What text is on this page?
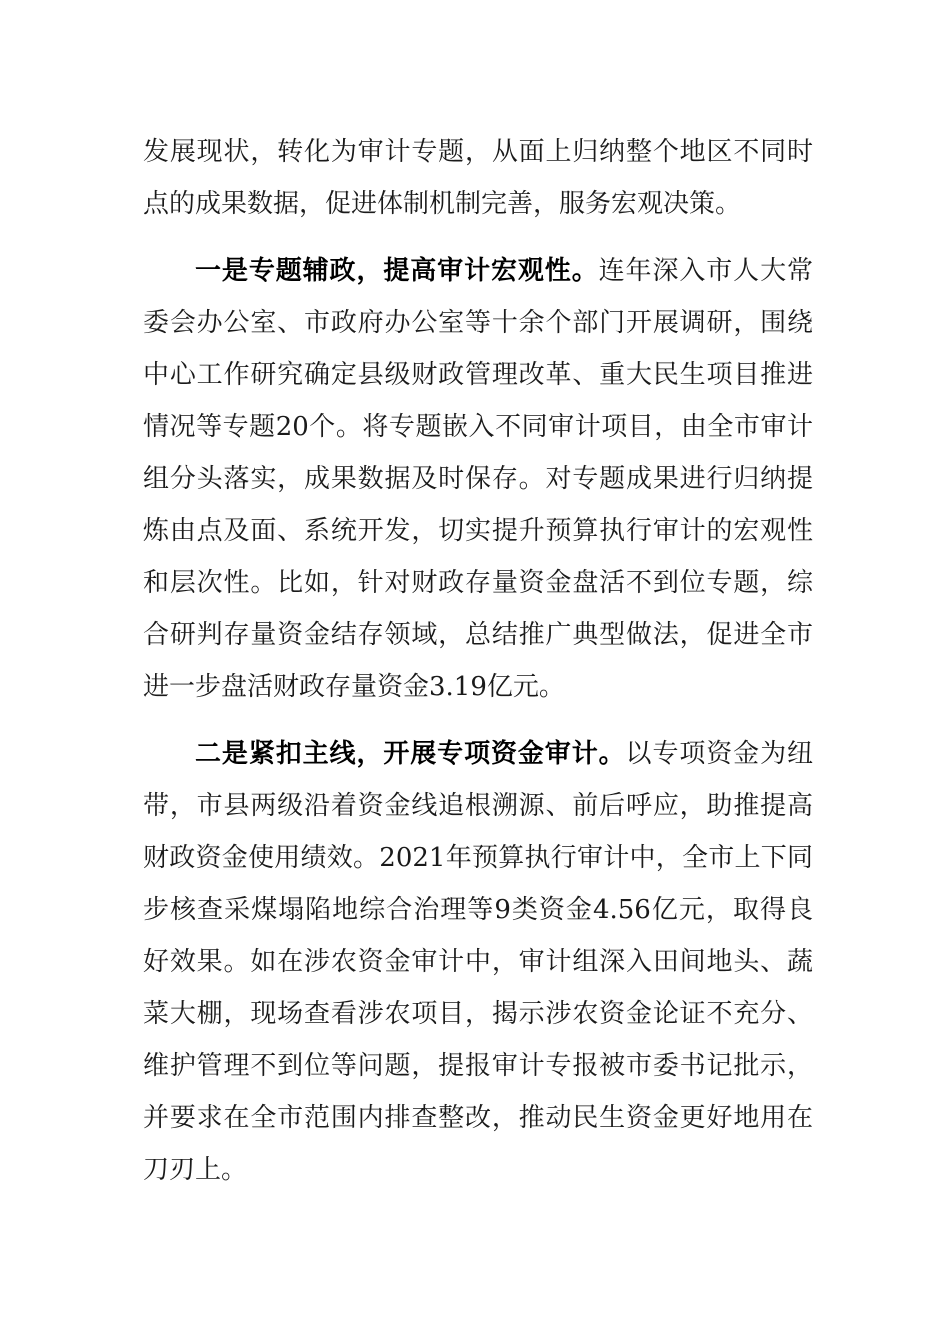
发展现状，转化为审计专题，从面上归纳整个地区不同时点的成果数据，促进体制机制完善，服务宏观决策。

一是专题辅政，提高审计宏观性。连年深入市人大常委会办公室、市政府办公室等十余个部门开展调研，围绕中心工作研究确定县级财政管理改革、重大民生项目推进情况等专题20个。将专题嵌入不同审计项目，由全市审计组分头落实，成果数据及时保存。对专题成果进行归纳提炼由点及面、系统开发，切实提升预算执行审计的宏观性和层次性。比如，针对财政存量资金盘活不到位专题，综合研判存量资金结存领域，总结推广典型做法，促进全市进一步盘活财政存量资金3.19亿元。

二是紧扣主线，开展专项资金审计。以专项资金为纽带，市县两级沿着资金线追根溯源、前后呼应，助推提高财政资金使用绩效。2021年预算执行审计中，全市上下同步核查采煤塌陷地综合治理等9类资金4.56亿元，取得良好效果。如在涉农资金审计中，审计组深入田间地头、蔬菜大棚，现场查看涉农项目，揭示涉农资金论证不充分、维护管理不到位等问题，提报审计专报被市委书记批示，并要求在全市范围内排查整改，推动民生资金更好地用在刀刃上。
